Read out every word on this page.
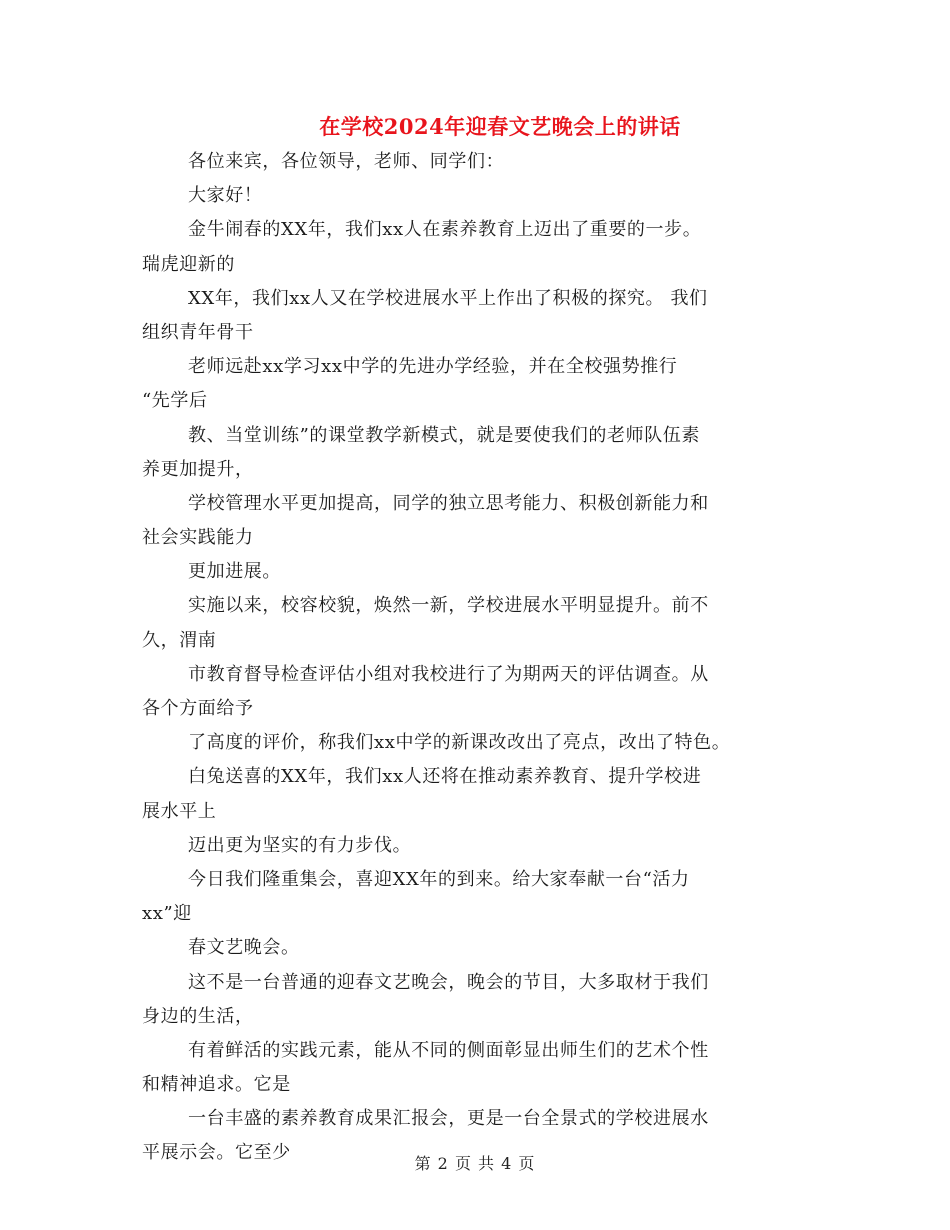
在学校2024年迎春文艺晚会上的讲话
各位来宾，各位领导，老师、同学们：
大家好！
金牛闹春的XX年，我们xx人在素养教育上迈出了重要的一步。
瑞虎迎新的
XX年，我们xx人又在学校进展水平上作出了积极的探究。 我们
组织青年骨干
老师远赴xx学习xx中学的先进办学经验，并在全校强势推行
“先学后
教、当堂训练”的课堂教学新模式，就是要使我们的老师队伍素
养更加提升，
学校管理水平更加提高，同学的独立思考能力、积极创新能力和
社会实践能力
更加进展。
实施以来，校容校貌，焕然一新，学校进展水平明显提升。前不
久，渭南
市教育督导检查评估小组对我校进行了为期两天的评估调查。从
各个方面给予
了高度的评价，称我们xx中学的新课改改出了亮点，改出了特色。
白兔送喜的XX年，我们xx人还将在推动素养教育、提升学校进
展水平上
迈出更为坚实的有力步伐。
今日我们隆重集会，喜迎XX年的到来。给大家奉献一台“活力
xx”迎
春文艺晚会。
这不是一台普通的迎春文艺晚会，晚会的节目，大多取材于我们
身边的生活，
有着鲜活的实践元素，能从不同的侧面彰显出师生们的艺术个性
和精神追求。它是
一台丰盛的素养教育成果汇报会，更是一台全景式的学校进展水
平展示会。它至少
第 2 页 共 4 页
